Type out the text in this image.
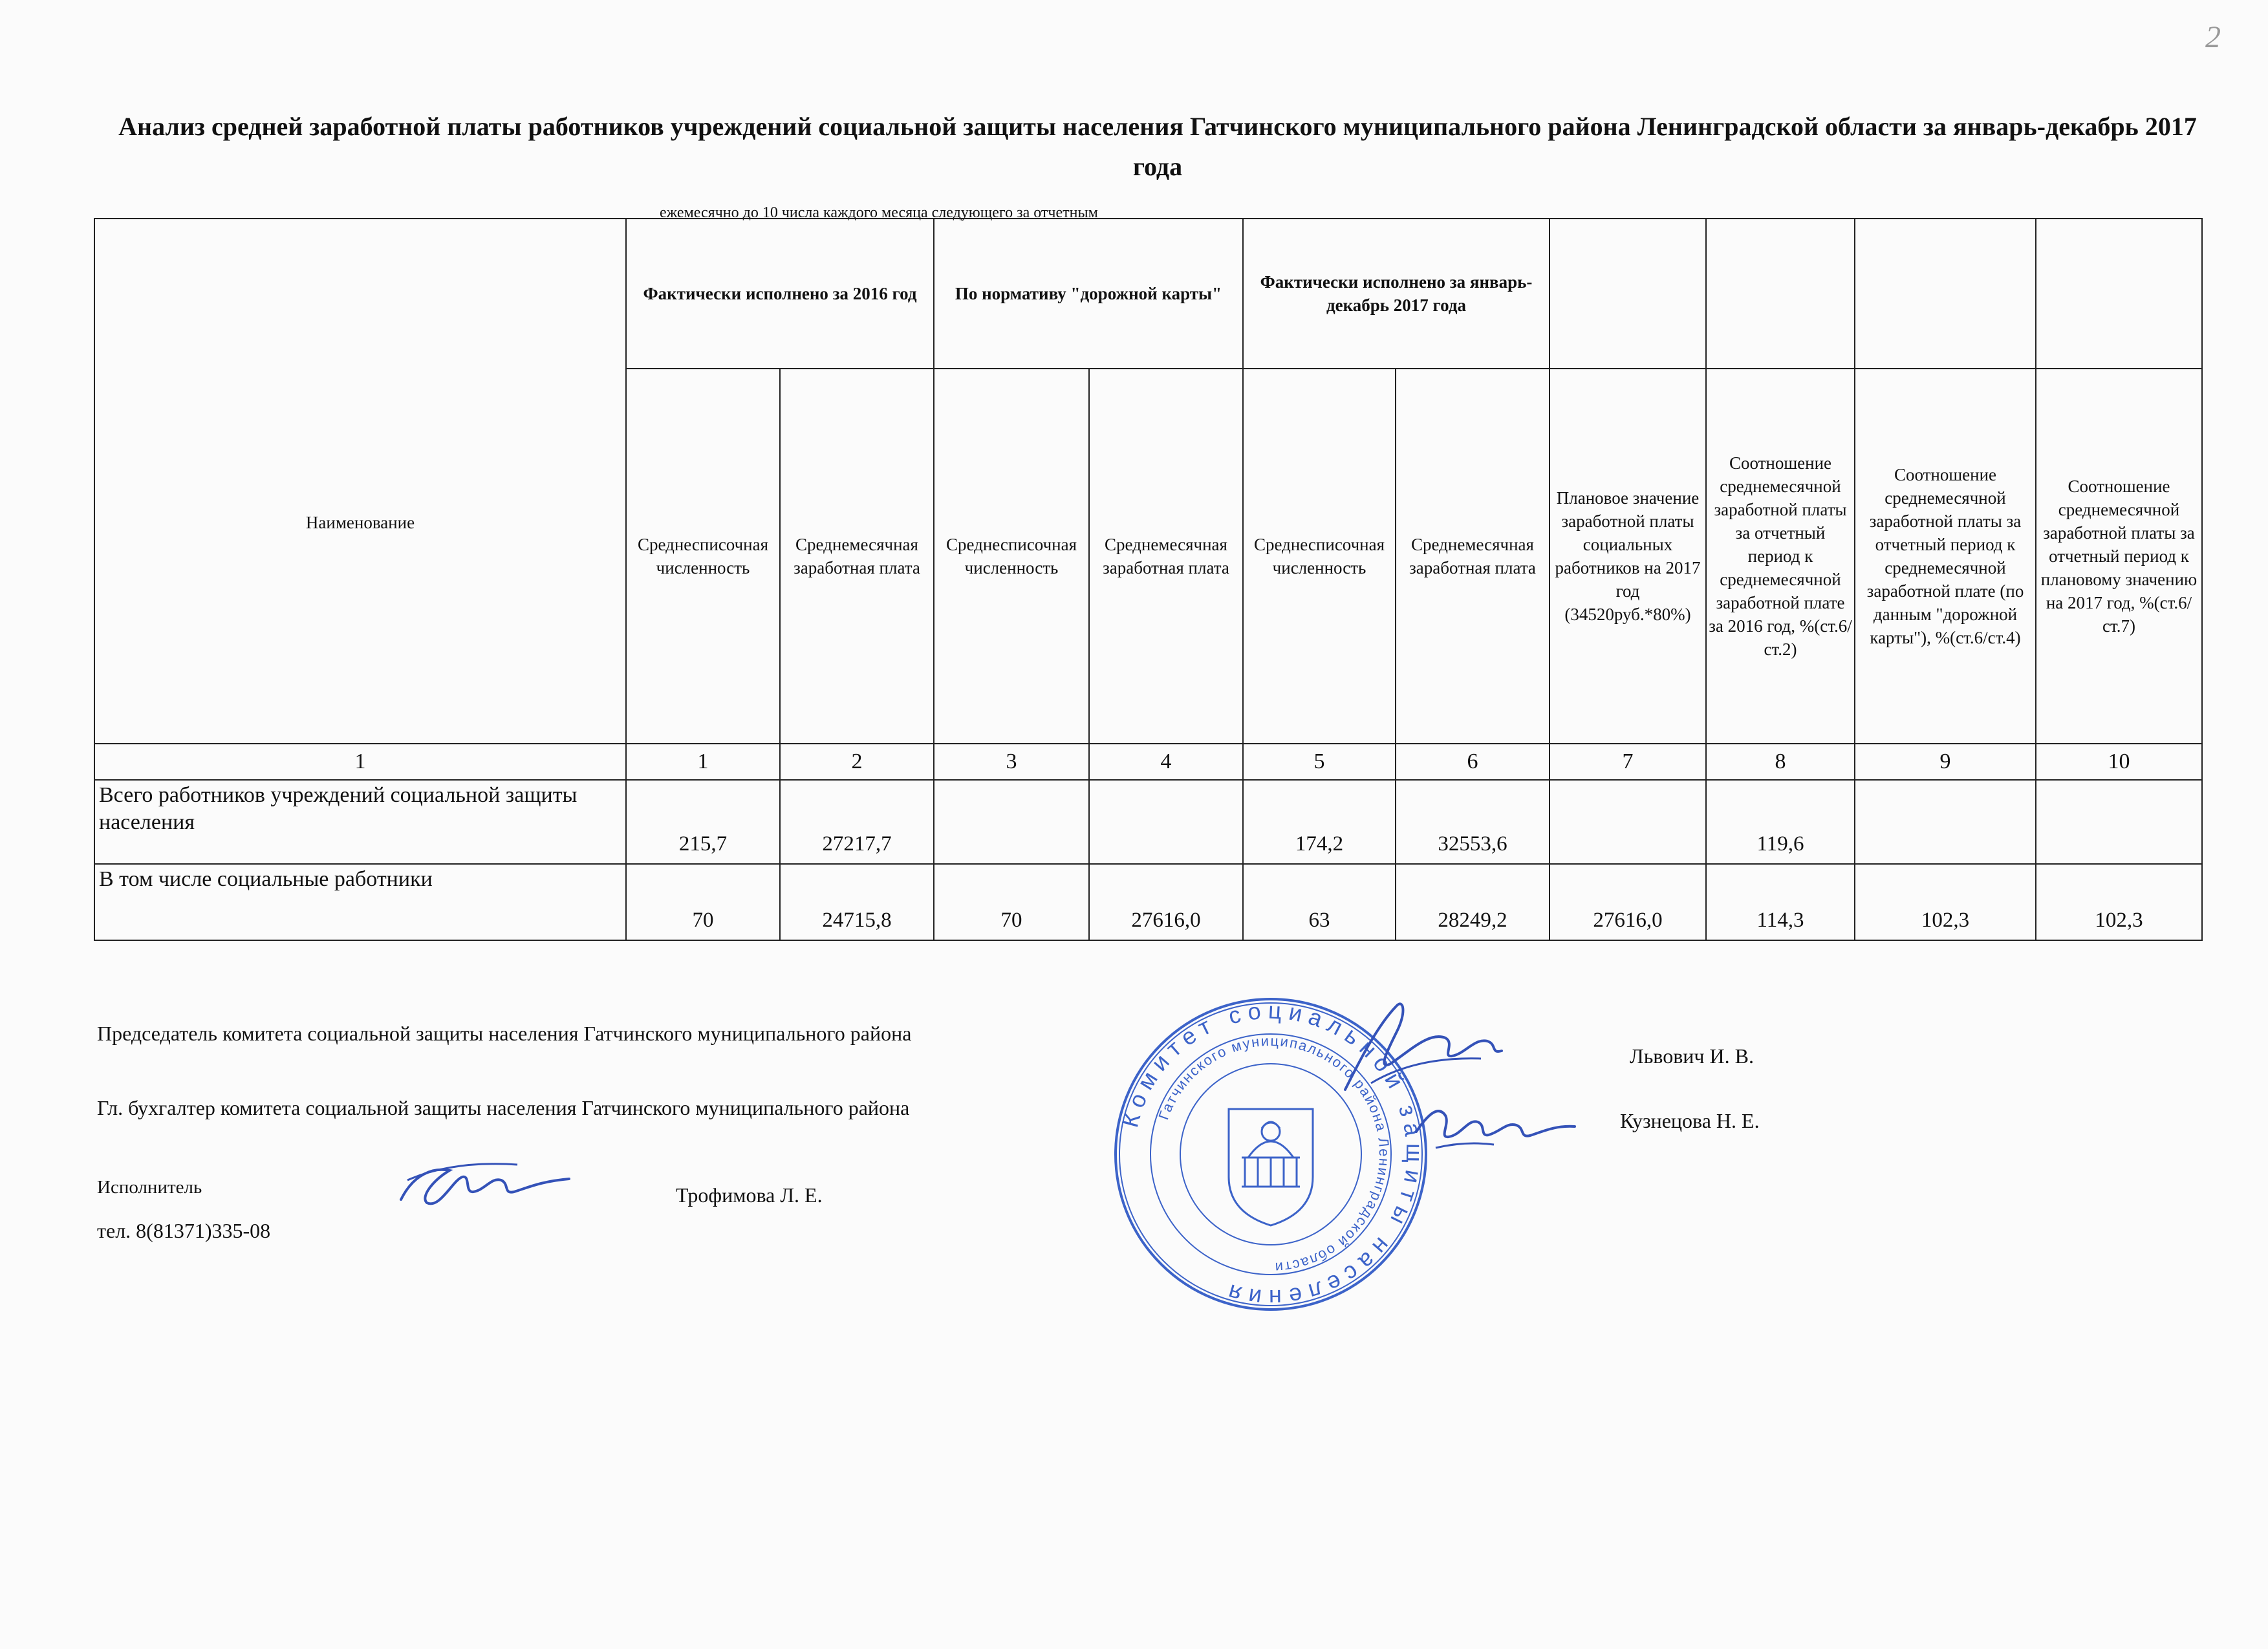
2
Анализ средней заработной платы работников учреждений социальной защиты населения Гатчинского муниципального района Ленинградской области за январь-декабрь 2017 года
ежемесячно до 10 числа каждого месяца следующего за отчетным
Наименование	Фактически исполнено за 2016 год		По нормативу "дорожной карты"		Фактически исполнено за январь-декабрь 2017 года					
	Среднесписочная численность	Среднемесячная заработная плата	Среднесписочная численность	Среднемесячная заработная плата	Среднесписочная численность	Среднемесячная заработная плата	Плановое значение заработной платы социальных работников на 2017 год (34520руб.*80%)	Соотношение среднемесячной заработной платы за отчетный период к среднемесячной заработной плате за 2016 год, %(ст.6/ст.2)	Соотношение среднемесячной заработной платы за отчетный период к среднемесячной заработной плате (по данным "дорожной карты"), %(ст.6/ст.4)	Соотношение среднемесячной заработной платы за отчетный период к плановому значению на 2017 год, %(ст.6/ст.7)
1	1	2	3	4	5	6	7	8	9	10
Всего работников учреждений социальной защиты населения	215,7	27217,7			174,2	32553,6		119,6		
В том числе социальные работники	70	24715,8	70	27616,0	63	28249,2	27616,0	114,3	102,3	102,3
Председатель комитета социальной защиты населения Гатчинского муниципального района
Львович И. В.
Гл. бухгалтер комитета социальной защиты населения Гатчинского муниципального района
Кузнецова Н. Е.
Исполнитель	Трофимова Л. Е.
тел. 8(81371)335-08
Комитет социальной защиты населения
Гатчинского муниципального района Ленинградской области
